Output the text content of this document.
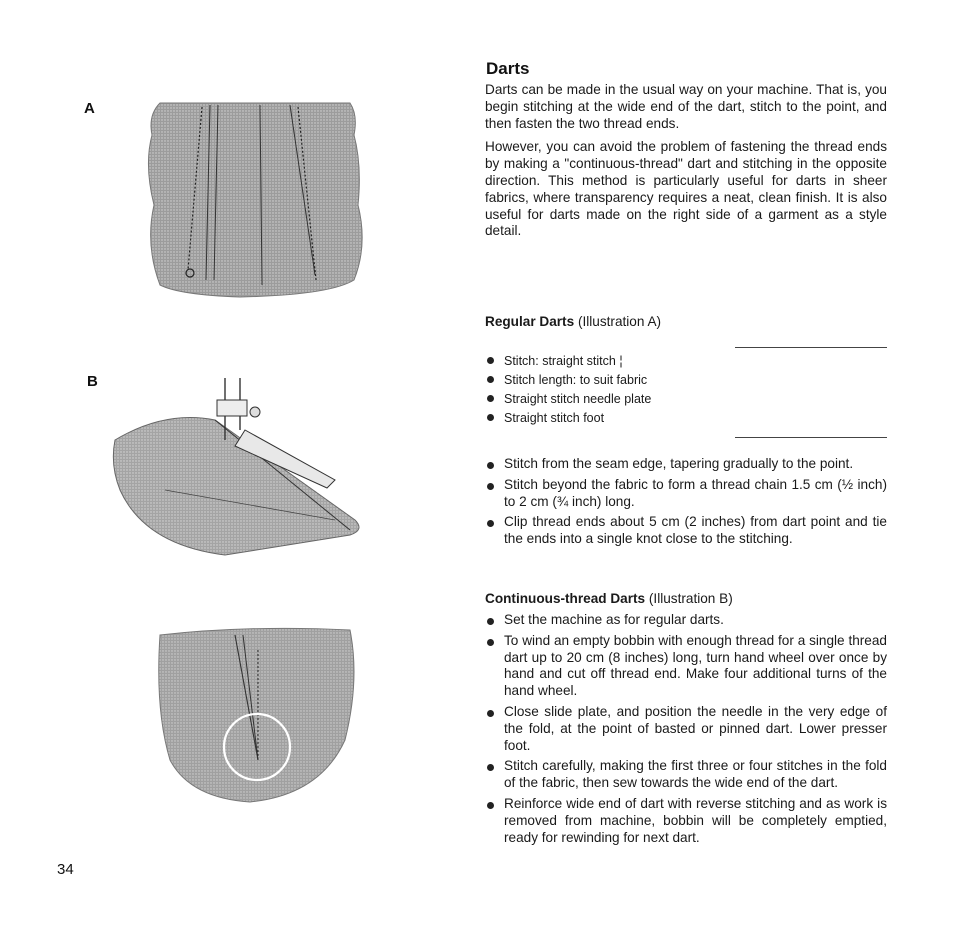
A
B
Darts

Darts can be made in the usual way on your machine. That is, you begin stitching at the wide end of the dart, stitch to the point, and then fasten the two thread ends.

However, you can avoid the problem of fastening the thread ends by making a "continuous-thread" dart and stitching in the opposite direction. This method is particularly useful for darts in sheer fabrics, where transparency requires a neat, clean finish. It is also useful for darts made on the right side of a garment as a style detail.

Regular Darts (Illustration A)
Stitch: straight stitch ¦
Stitch length: to suit fabric
Straight stitch needle plate
Straight stitch foot
Stitch from the seam edge, tapering gradually to the point.
Stitch beyond the fabric to form a thread chain 1.5 cm (½ inch) to 2 cm (¾ inch) long.
Clip thread ends about 5 cm (2 inches) from dart point and tie the ends into a single knot close to the stitching.
Continuous-thread Darts (Illustration B)
Set the machine as for regular darts.
To wind an empty bobbin with enough thread for a single thread dart up to 20 cm (8 inches) long, turn hand wheel over once by hand and cut off thread end. Make four additional turns of the hand wheel.
Close slide plate, and position the needle in the very edge of the fold, at the point of basted or pinned dart. Lower presser foot.
Stitch carefully, making the first three or four stitches in the fold of the fabric, then sew towards the wide end of the dart.
Reinforce wide end of dart with reverse stitching and as work is removed from machine, bobbin will be completely emptied, ready for rewinding for next dart.
34
